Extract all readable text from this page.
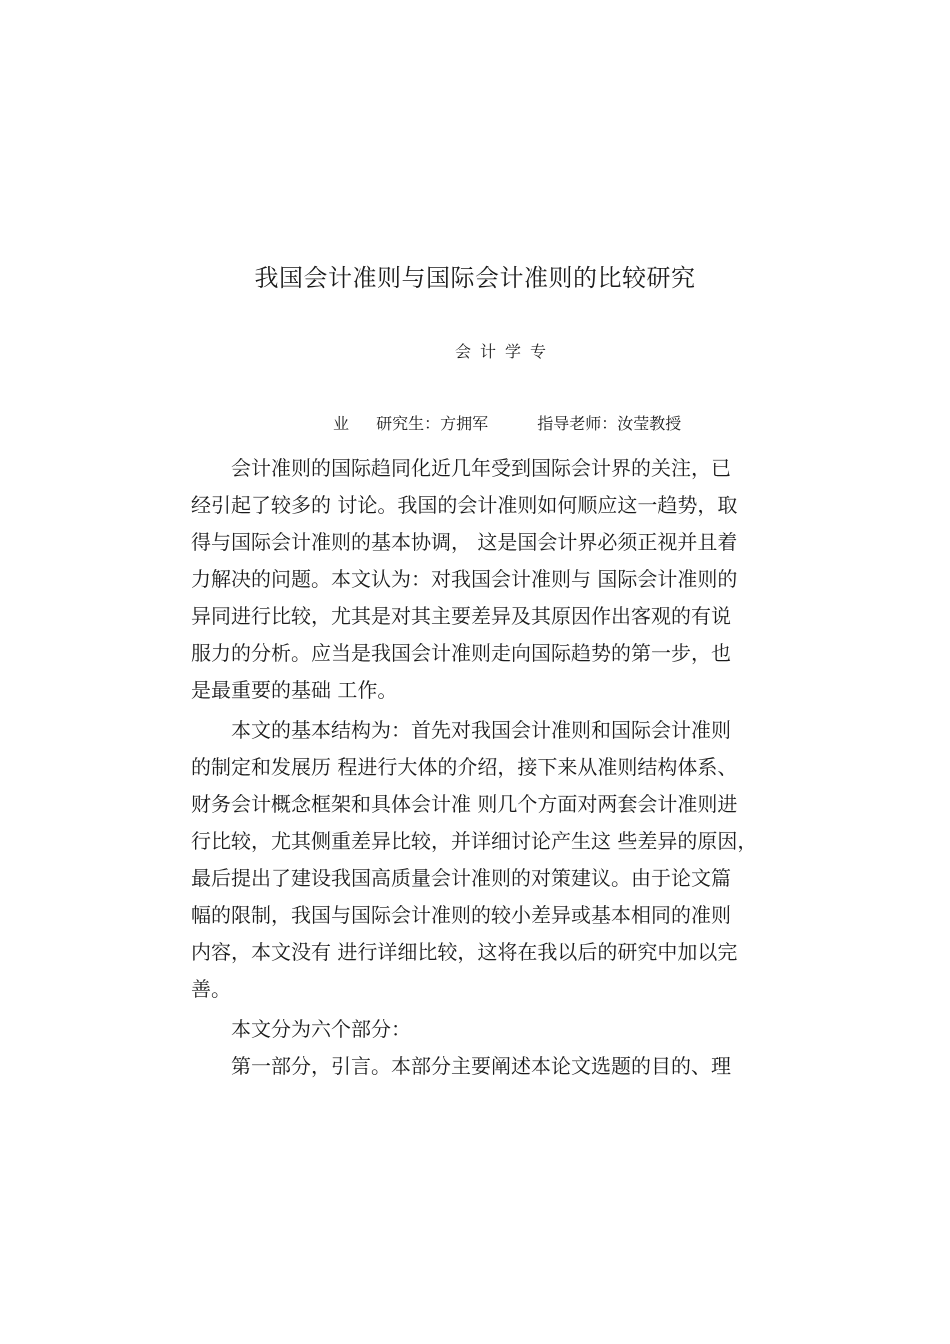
我国会计准则与国际会计准则的比较研究
会计学专
业 研究生：方拥军	指导老师：汝莹教授

会计准则的国际趋同化近几年受到国际会计界的关注，已
经引起了较多的 讨论。我国的会计准则如何顺应这一趋势，取
得与国际会计准则的基本协调， 这是国会计界必须正视并且着
力解决的问题。本文认为：对我国会计准则与 国际会计准则的
异同进行比较，尤其是对其主要差异及其原因作出客观的有说
服力的分析。应当是我国会计准则走向国际趋势的第一步，也
是最重要的基础 工作。

本文的基本结构为：首先对我国会计准则和国际会计准则
的制定和发展历 程进行大体的介绍，接下来从准则结构体系、
财务会计概念框架和具体会计准 则几个方面对两套会计准则进
行比较，尤其侧重差异比较，并详细讨论产生这 些差异的原因，
最后提出了建设我国高质量会计准则的对策建议。由于论文篇
幅的限制，我国与国际会计准则的较小差异或基本相同的准则
内容，本文没有 进行详细比较，这将在我以后的研究中加以完
善。

本文分为六个部分：

第一部分，引言。本部分主要阐述本论文选题的目的、理
